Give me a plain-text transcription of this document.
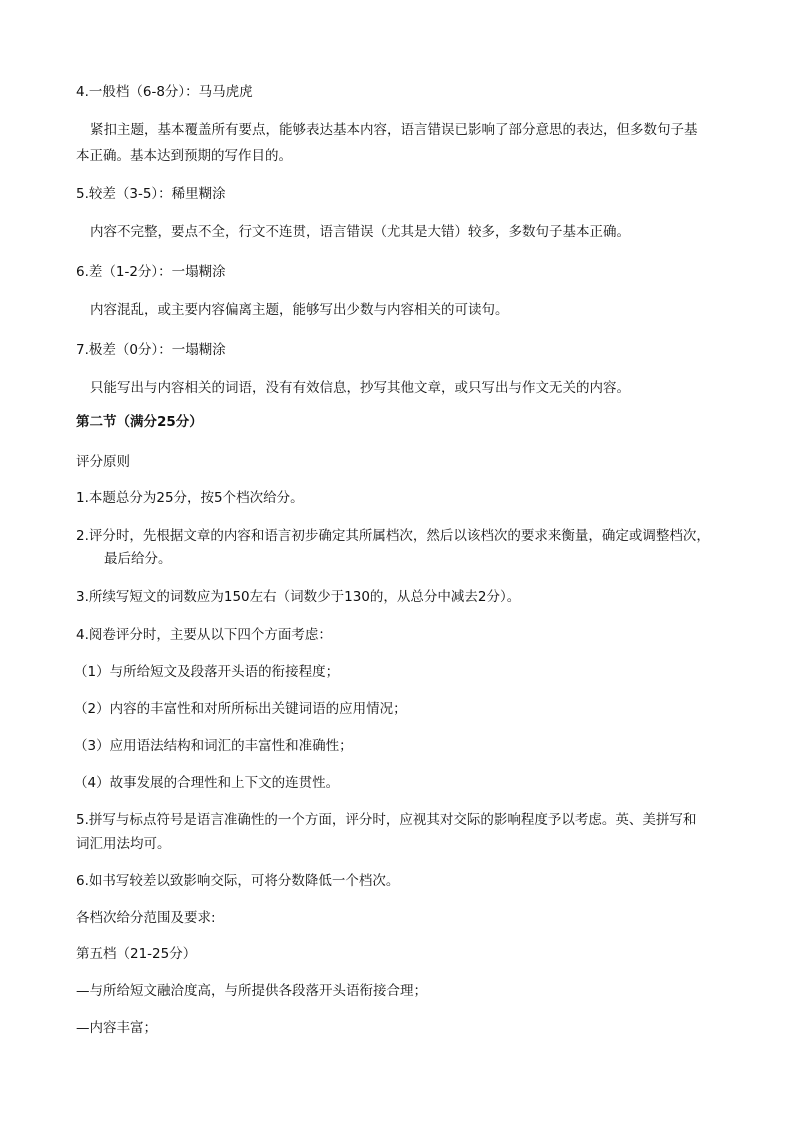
4.一般档（6-8分）：马马虎虎
紧扣主题，基本覆盖所有要点，能够表达基本内容，语言错误已影响了部分意思的表达，但多数句子基
本正确。基本达到预期的写作目的。
5.较差（3-5）：稀里糊涂
内容不完整，要点不全，行文不连贯，语言错误（尤其是大错）较多，多数句子基本正确。
6.差（1-2分）：一塌糊涂
内容混乱，或主要内容偏离主题，能够写出少数与内容相关的可读句。
7.极差（0分）：一塌糊涂
只能写出与内容相关的词语，没有有效信息，抄写其他文章，或只写出与作文无关的内容。
第二节（满分25分）
评分原则
1.本题总分为25分，按5个档次给分。
2.评分时，先根据文章的内容和语言初步确定其所属档次，然后以该档次的要求来衡量，确定或调整档次，
最后给分。
3.所续写短文的词数应为150左右（词数少于130的，从总分中减去2分）。
4.阅卷评分时，主要从以下四个方面考虑：
（1）与所给短文及段落开头语的衔接程度；
（2）内容的丰富性和对所所标出关键词语的应用情况；
（3）应用语法结构和词汇的丰富性和准确性；
（4）故事发展的合理性和上下文的连贯性。
5.拼写与标点符号是语言准确性的一个方面，评分时，应视其对交际的影响程度予以考虑。英、美拼写和
词汇用法均可。
6.如书写较差以致影响交际，可将分数降低一个档次。
各档次给分范围及要求:
第五档（21-25分）
—与所给短文融洽度高，与所提供各段落开头语衔接合理；
—内容丰富；
